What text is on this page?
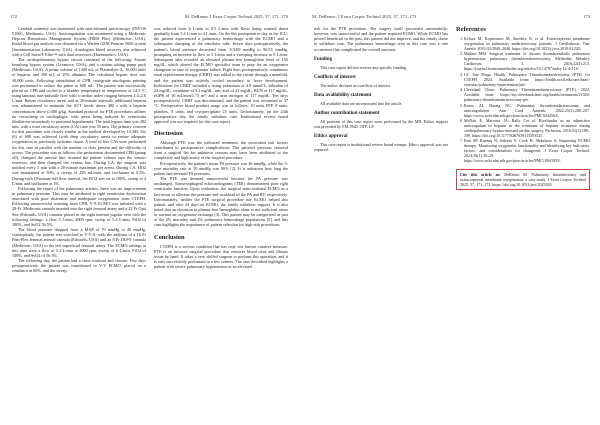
172	M. DeRenzo J Extra Corpor Technol 2025, 57, 171–173

Cerebral oximetry was monitored with near-infrared spectroscopy (INVOS 5100C, Medtronic, USA). Anticoagulation was monitored using a Medtronic Hepcon Hemostasis Management System (HMS Plus) (Medtronic, USA). Initial blood gas analysis was obtained via a Werfen GEM Premier 5000 system (Instrumentation Laboratory, USA). Autologous blood recovery was achieved with a Cell Saver® Elite™ with dual reservoirs (Haemonetics, USA).

The cardiopulmonary bypass circuit consisted of the following: Essenz heartlung bypass system (Livanova, USA), and a custom tubing pump pack (Medtronic, USA). A prime volume of 1400 mL of Plasmalyte-A, 10,000 units of heparin, and 100 mL of 25% albumin. The calculated hepatic dose was 30,000 units. Following cannulation of CPB, retrograde autologous priming was performed to reduce the prime to 600 mL. The patient was successfully placed on CPB and cooled to a bladder temperature of temperature of 14.5 °C using laminar, non-pulsatile flow with a cardiac index ranging between 2.4–2.6 L/min. Before circulatory arrest and at 30-minute intervals, additional heparin was administered to maintain the ACT levels above 480 s with a heparin concentration above (≥300 g/kg. Standard protocol for PTE procedures utilizes no crossclamp or cardioplegia, with arrest being induced by ventricular fibrillation secondarily to profound hypothermia. The total bypass time was 492 min, with a total circulatory arrest (CA) time was 59 min. The primary concern for this procedure was closely similar to the method developed by UCSD. Six (6) of 690 was achieved (with deep circulatory arrest to ensure adequate oxygenation to previously ischemic tissue. A total of five CAs were performed for this case in parallel with the number of clots present and the difficulty of access. The procedure was as follows: the perfusionist documented CPB (pump off), clamped the arterial line, drained the patient volume into the venous reservoir, and then clamped the venous line. During CA, the surgeon was notified every 5 min with a 20-minute maximum per arrest. During CA, HO2 was maintained at 50%, a sweep of 250 mL/min, and isoflurane at 0.5%. During each 10-minute full flow interval, the FiO2 was set to 100%, sweep of 4 L/min, and isoflurane at 1%.

Following the repair of the pulmonary arteries, there was no improvement in pulmonary pressure. This may be attributed to right ventricular dysfunction associated with poor distention and inadequate oxygenation from CTEPH. Following unsuccessful weaning from CPB, V-A ECMO was initiated with a 28-Fr. Medtronic cannula inserted into the right femoral artery and a 22 Fr Opti Site (Edwards, USA) cannula placed in the right internal jugular vein with the following settings: a flow 5 L/min, 4000 rpm, sweep of 5.4 L/min, FiO2 of 100%, and SvO2 56.5%.

The blood pressure dropped from a MAP of 70 mmHg to 40 mmHg, consequently, the patient was switched to V-V-A, with the addition of a 16 Fr Fem-Flex femoral arterial cannula (Edwards, USA) and an 8 Fr DLP® cannula (Medtronic, USA) to the left superficial femoral artery. The ECMO settings at this time were a flow of 5.4 L/min at 4000 rpm, sweep of 6 L/min, FiO2 of 100%, and SvO2 of 56.3%.

The following day, the patient had a chest washout and closure. Five days postoperatively, the patient was transitioned to V-V ECMO, placed on a ventilator at 60%, and the sweep

was reduced from 6 L/min to 0.5 L/min with flows being weaned down gradually from 5.4 L/min to 4 L/min. On the 6th postoperative day in the ICU, the patient experienced a pulmonary hemorrhage with the ECMO and a subsequent clamping of the ventilator tube. Seven days postoperatively, the patient's blood pressure decreased from 113/69 mmHg to 96/55 mmHg, prompting an increase in flow to 5 L/min and a sweeping increase to 9 L/min. Subsequent labs revealed an elevated plasma-free hemoglobin level of 150 mg/dL, which altered the ECMO specialist team to prep for an oxygenator changeout in case of oxygenator failure. Eight days postoperatively, continuous renal replacement therapy (CRRT) was added to the circuit through a manifold, and the patient was actively cooled secondary to fever development. Indications for CRRT included a rising potassium of 4.9 mmol/L, bilirubin of 24 mg/dL, creatinine of 3.2 mg/dL, uric acid of 22 mg/dL, BUN of 117 mg/dL, eGFR of 10 mL/min/1.73 m², and a urea nitrogen of 117 mg/dL. Ten days postoperatively, CRRT was discontinued, and the patient was rewarmed to 37 °C. Perioperative blood product usage was as follows: 10 units FFP, 8 units, platelets, 8 units, and cryoprecipitate 25 units. Unfortunately, on the 24th postoperative day, the family withdrew care. Institutional review board approval was not required for this case report.

Discussion

Although PTE was the indicated treatment, the associated risk factors contributed to postoperative complications. The patient's previous removal from a surgical list for unknown reasons may have been attributed to the complexity and high acuity of the surgical procedure.

Pre-operatively, the patient's mean PA pressure was 46 mmHg, while the 3-year mortality rate at 50 mmHg was 90% [2]. It is unknown how long the patient had elevated PA pressures.

The PTE was deemed unsuccessful because the PA pressure was unchanged. Transesophageal echocardiograms (TEE) demonstrated poor right ventricular function. Upon evaluation, the surgical team initiated ECMO as a last resort to alleviate the pressure and workload of the PA and RV, respectively. Unfortunately, neither the PTE surgical procedure nor ECMO helped this patient, and after 24 days on ECMO, the family withdrew support. It is also noted that an elevation in plasma-free hemoglobin alone is not sufficient cause to warrant an oxygenator exchange [3]. This patient may be categorized as part of the 2% mortality and 2% pulmonary hemorrhage populations [5], and this case highlights the importance of patient selection for high-risk procedures.

Conclusion

CTEPH is a serious condition that has only one known curative measure. PTE is an invasive surgical procedure that removes blood clots and fibrous tissue by hand. It takes a very skilled surgeon to perform this operation, and it is only successfully performed in a few centers. The case described highlights a patient with severe pulmonary hypertension at an elevated

M. DeRenzo: J Extra Corpor Technol 2025, 57, 171–173	173

risk for the PTE procedure. The surgery itself proceeded uneventfully; however, was unsuccessful and the patient required ECMO. While ECMO has proved beneficial in the past, this patient did not improve, and the family chose to withdraw care. The pulmonary hemorrhage seen in this case was a rare occurrence that complicated the overall outcome.

Funding

This case report did not receive any specific funding.

Conflicts of interest

The author declares no conflicts of interest.

Data availability statement

All available data are incorporated into the article.

Author contribution statement

All portions of this case report were performed by the MD. Editor support was provided by EM. PhD, OTP, LP.

Ethics approval

This case report is institutional review board exempt. Ethics approval was not required.

References
1. Kelava M, Koprivanac M, Smedira N, et al. Extracorporeal membrane oxygenation in pulmonary endarterectomy patients. J Cardiothorac Vasc Anesth. 2019;33:2040–2046. https://doi.org/10.1053/j.jvca.2019.01.025.
2. Madani MM. Surgical treatment of chronic thromboembolic pulmonary hypertension: pulmonary thromboendarterectomy. Methodist Debakey Cardiovasc J. 2016;12(4):213. https://journal.houstonmethodist.org/articles/10.14797/mdcj-12-4-213/
3. UC San Diego Health. Pulmonary Thromboendarterectomy (PTE) for CTEPH. 2024. Available from: https://health.ucsd.edu/care/heart-vascular/pulmonary-hypertension/pte/.
4. Cleveland Clinic. Pulmonary Thromboendarterectomy (PTE). 2022. Available from: https://my.clevelandclinic.org/health/treatments/21024-pulmonary-thromboendarterectomy-pte.
5. Rosso AI, Duong NC. Pulmonary thromboendarterectomy and anticoagulation. Ann Card Anaesth. 2022;25(2):200–207. https://www.ncbi.nlm.nih.gov/pmc/articles/PMC9244564/.
6. McNair E, Marcoux JA, Bally Cet al. Bivalirudin as an adjunctive anticoagulant to heparin in the treatment of heparin resistance during cardiopulmonary bypass-assisted cardiac surgery. Perfusion. 2016;31(3):189–199. https://doi.org/10.1177/0267659115583525.
7. Butt SP, Razzaq N, Saleem Y, Cook B, Abdulaziz S. Improving ECMO therapy: Monitoring oxygenator functionality and identifying key indicators, factors, and considerations for changeout. J Extra Corpor Technol. 2024;56(1):20–29. https://www.ncbi.nlm.nih.gov/pmc/articles/PMC10941835/.
Cite this article as: DeRenzo M. Pulmonary thrombectomy and extracorporeal membrane oxygenation: a case study. J Extra Corpor Technol 2025, 57, 171–173. https://doi.org/10.1051/ject/2025024.
